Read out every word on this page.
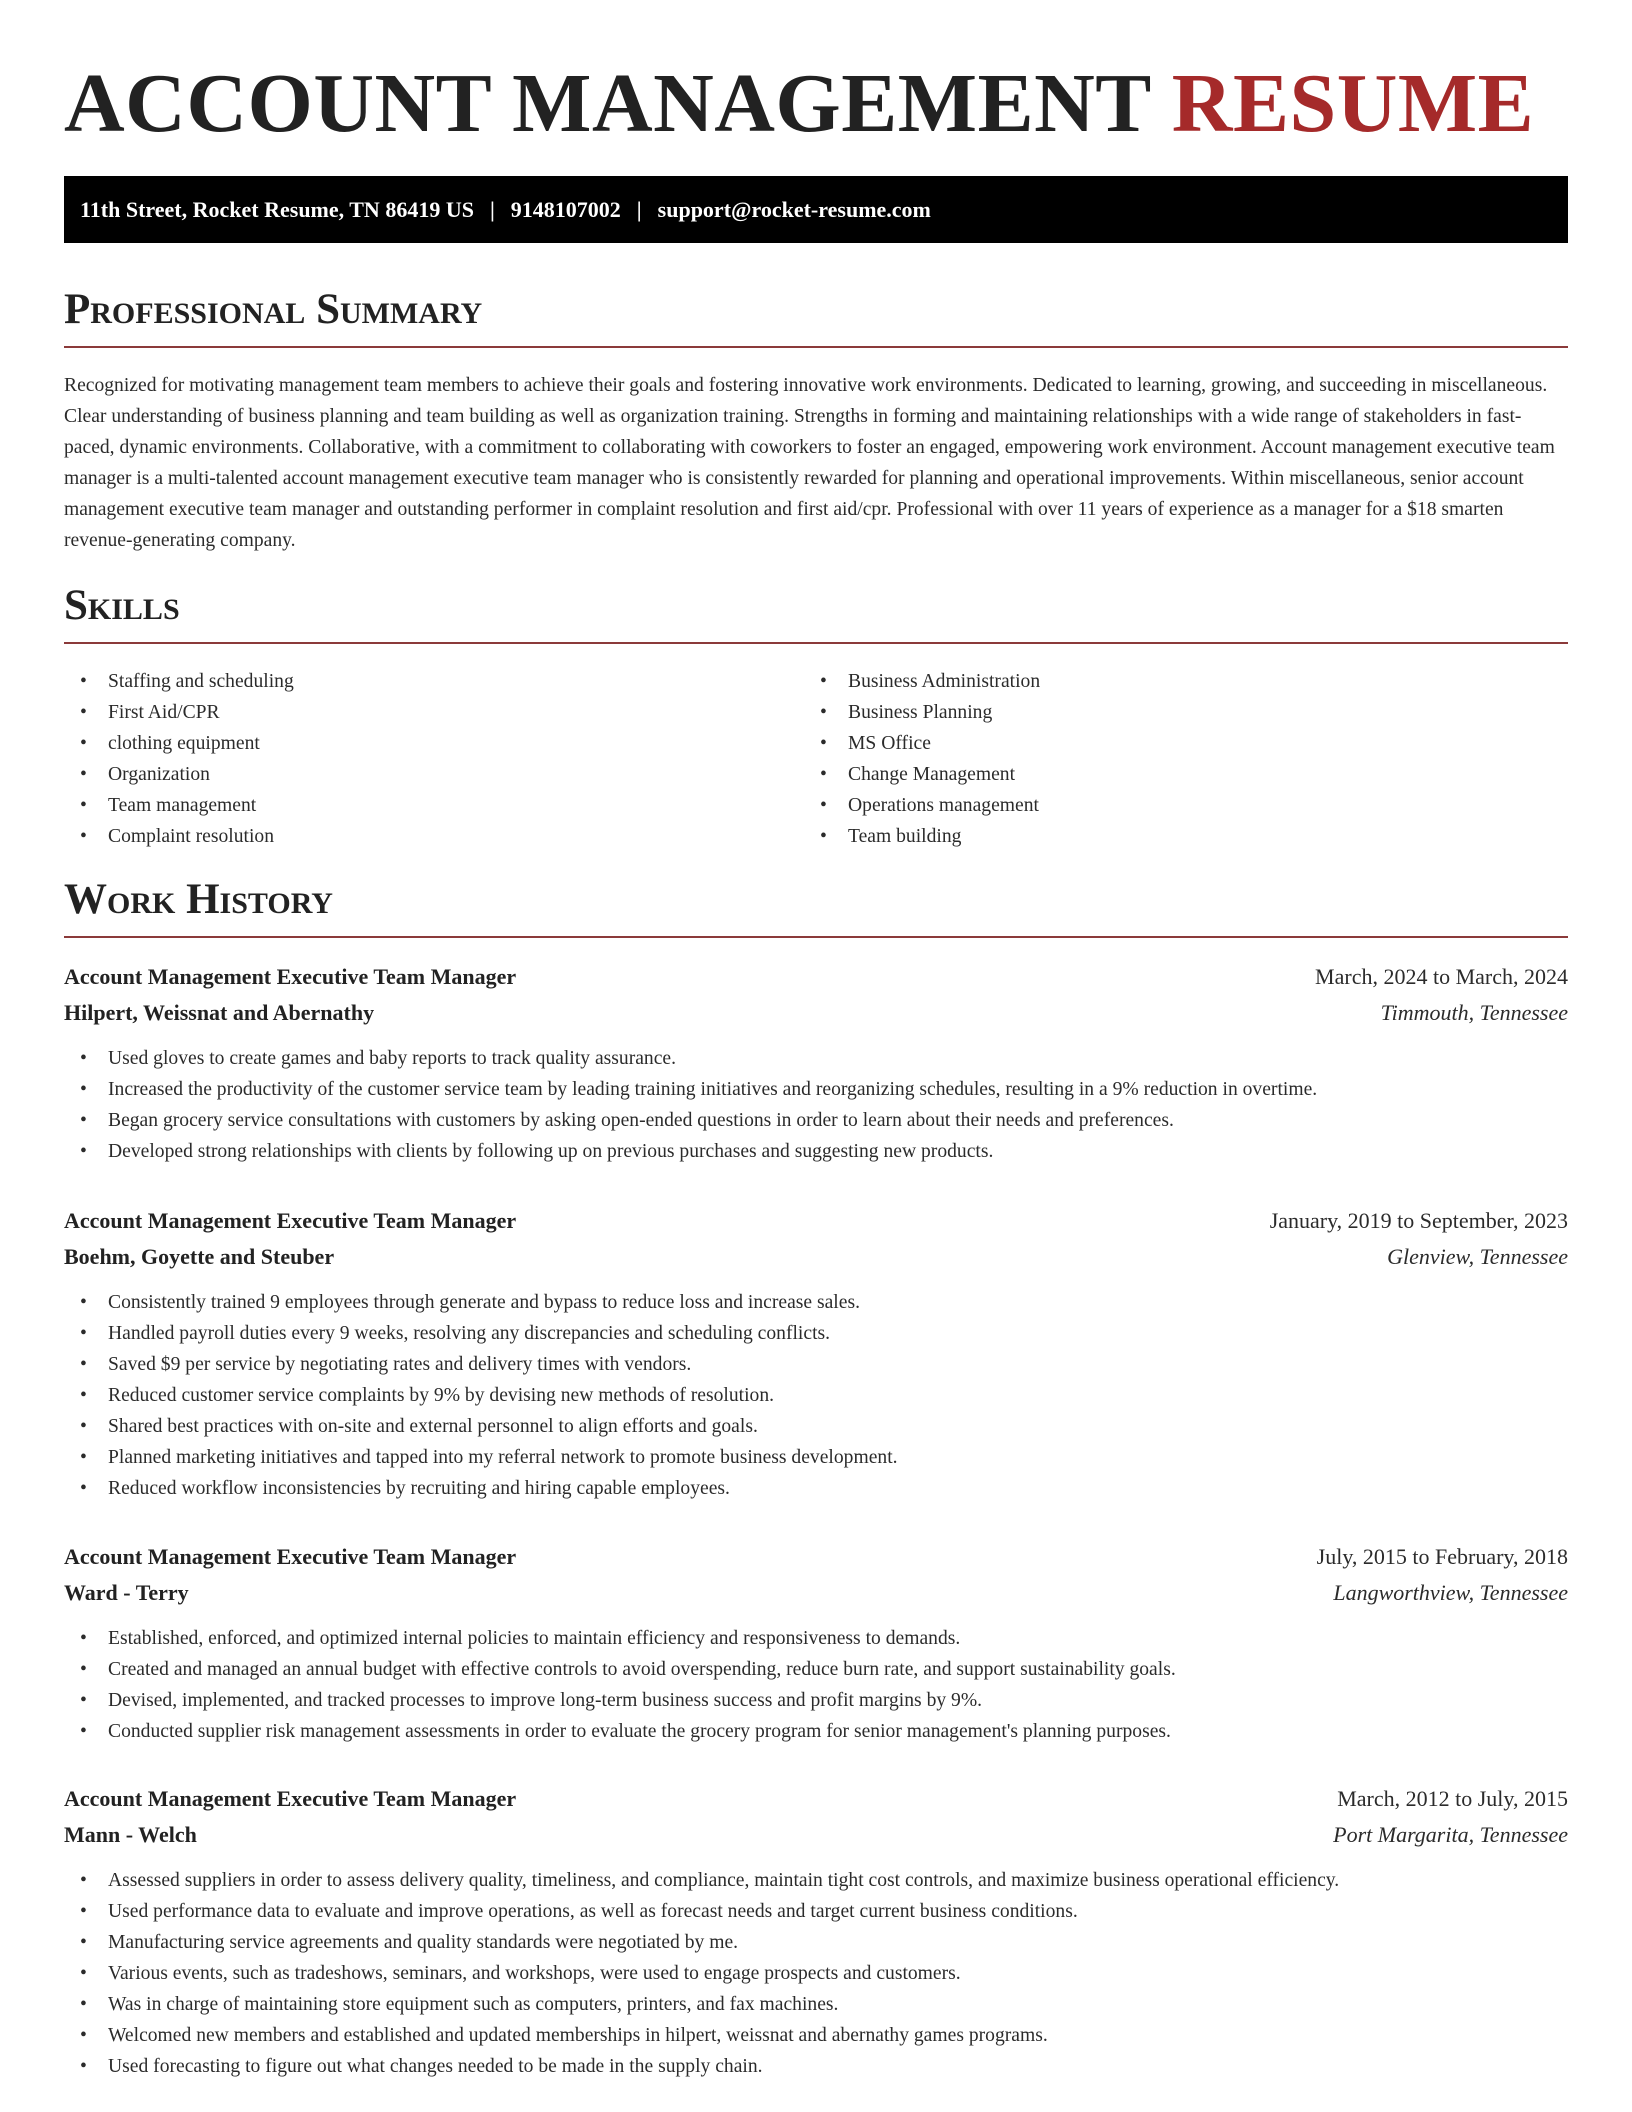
ACCOUNT MANAGEMENT RESUME
11th Street, Rocket Resume, TN 86419 US | 9148107002 | support@rocket-resume.com
Professional Summary

Recognized for motivating management team members to achieve their goals and fostering innovative work environments. Dedicated to learning, growing, and succeeding in miscellaneous. Clear understanding of business planning and team building as well as organization training. Strengths in forming and maintaining relationships with a wide range of stakeholders in fast-paced, dynamic environments. Collaborative, with a commitment to collaborating with coworkers to foster an engaged, empowering work environment. Account management executive team manager is a multi-talented account management executive team manager who is consistently rewarded for planning and operational improvements. Within miscellaneous, senior account management executive team manager and outstanding performer in complaint resolution and first aid/cpr. Professional with over 11 years of experience as a manager for a $18 smarten revenue-generating company.

Skills
• Staffing and scheduling
• First Aid/CPR
• clothing equipment
• Organization
• Team management
• Complaint resolution
• Business Administration
• Business Planning
• MS Office
• Change Management
• Operations management
• Team building
Work History
Account Management Executive Team Manager	March, 2024 to March, 2024
Hilpert, Weissnat and Abernathy	Timmouth, Tennessee
• Used gloves to create games and baby reports to track quality assurance.
• Increased the productivity of the customer service team by leading training initiatives and reorganizing schedules, resulting in a 9% reduction in overtime.
• Began grocery service consultations with customers by asking open-ended questions in order to learn about their needs and preferences.
• Developed strong relationships with clients by following up on previous purchases and suggesting new products.
Account Management Executive Team Manager	January, 2019 to September, 2023
Boehm, Goyette and Steuber	Glenview, Tennessee
• Consistently trained 9 employees through generate and bypass to reduce loss and increase sales.
• Handled payroll duties every 9 weeks, resolving any discrepancies and scheduling conflicts.
• Saved $9 per service by negotiating rates and delivery times with vendors.
• Reduced customer service complaints by 9% by devising new methods of resolution.
• Shared best practices with on-site and external personnel to align efforts and goals.
• Planned marketing initiatives and tapped into my referral network to promote business development.
• Reduced workflow inconsistencies by recruiting and hiring capable employees.
Account Management Executive Team Manager	July, 2015 to February, 2018
Ward - Terry	Langworthview, Tennessee
• Established, enforced, and optimized internal policies to maintain efficiency and responsiveness to demands.
• Created and managed an annual budget with effective controls to avoid overspending, reduce burn rate, and support sustainability goals.
• Devised, implemented, and tracked processes to improve long-term business success and profit margins by 9%.
• Conducted supplier risk management assessments in order to evaluate the grocery program for senior management's planning purposes.
Account Management Executive Team Manager	March, 2012 to July, 2015
Mann - Welch	Port Margarita, Tennessee
• Assessed suppliers in order to assess delivery quality, timeliness, and compliance, maintain tight cost controls, and maximize business operational efficiency.
• Used performance data to evaluate and improve operations, as well as forecast needs and target current business conditions.
• Manufacturing service agreements and quality standards were negotiated by me.
• Various events, such as tradeshows, seminars, and workshops, were used to engage prospects and customers.
• Was in charge of maintaining store equipment such as computers, printers, and fax machines.
• Welcomed new members and established and updated memberships in hilpert, weissnat and abernathy games programs.
• Used forecasting to figure out what changes needed to be made in the supply chain.
